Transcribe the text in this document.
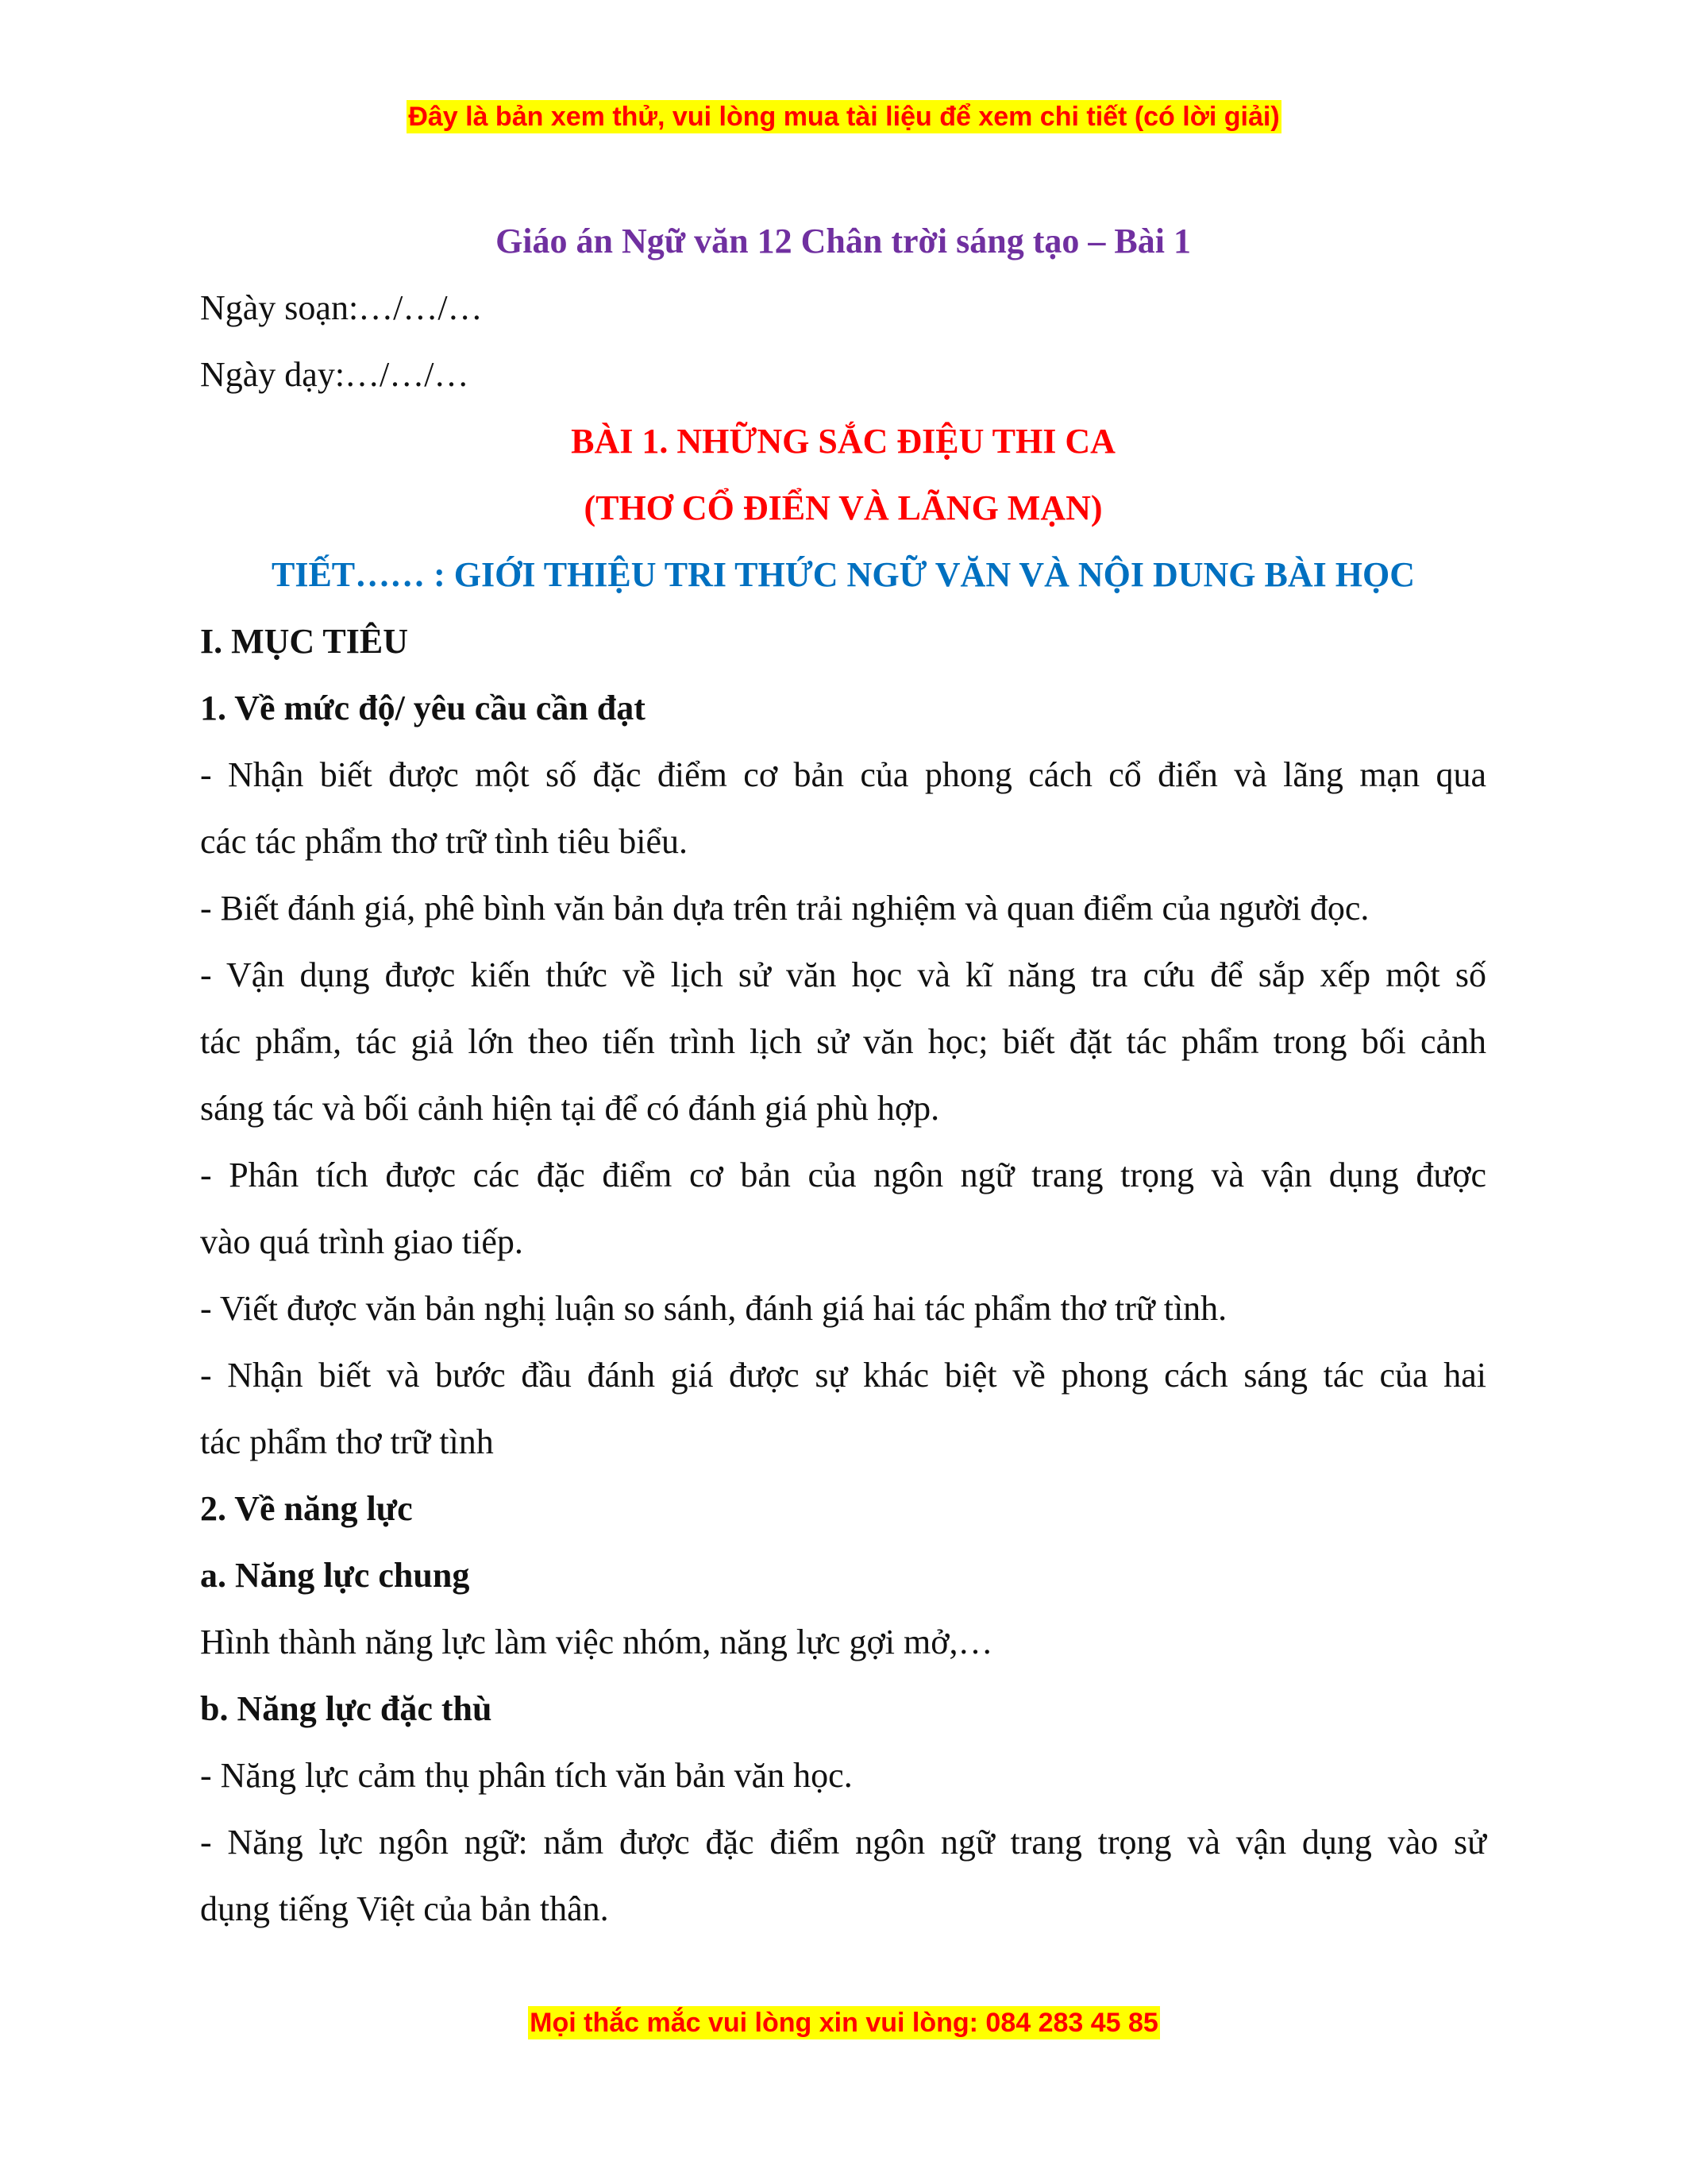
Đây là bản xem thử, vui lòng mua tài liệu để xem chi tiết (có lời giải)
Giáo án Ngữ văn 12 Chân trời sáng tạo – Bài 1
Ngày soạn:…/…/…
Ngày dạy:…/…/…
BÀI 1. NHỮNG SẮC ĐIỆU THI CA
(THƠ CỔ ĐIỂN VÀ LÃNG MẠN)
TIẾT…… : GIỚI THIỆU TRI THỨC NGỮ VĂN VÀ NỘI DUNG BÀI HỌC
I. MỤC TIÊU
1. Về mức độ/ yêu cầu cần đạt
- Nhận biết được một số đặc điểm cơ bản của phong cách cổ điển và lãng mạn qua
các tác phẩm thơ trữ tình tiêu biểu.
- Biết đánh giá, phê bình văn bản dựa trên trải nghiệm và quan điểm của người đọc.
- Vận dụng được kiến thức về lịch sử văn học và kĩ năng tra cứu để sắp xếp một số
tác phẩm, tác giả lớn theo tiến trình lịch sử văn học; biết đặt tác phẩm trong bối cảnh
sáng tác và bối cảnh hiện tại để có đánh giá phù hợp.
- Phân tích được các đặc điểm cơ bản của ngôn ngữ trang trọng và vận dụng được
vào quá trình giao tiếp.
- Viết được văn bản nghị luận so sánh, đánh giá hai tác phẩm thơ trữ tình.
- Nhận biết và bước đầu đánh giá được sự khác biệt về phong cách sáng tác của hai
tác phẩm thơ trữ tình
2. Về năng lực
a. Năng lực chung
Hình thành năng lực làm việc nhóm, năng lực gợi mở,…
b. Năng lực đặc thù
- Năng lực cảm thụ phân tích văn bản văn học.
- Năng lực ngôn ngữ: nắm được đặc điểm ngôn ngữ trang trọng và vận dụng vào sử
dụng tiếng Việt của bản thân.
Mọi thắc mắc vui lòng xin vui lòng: 084 283 45 85
